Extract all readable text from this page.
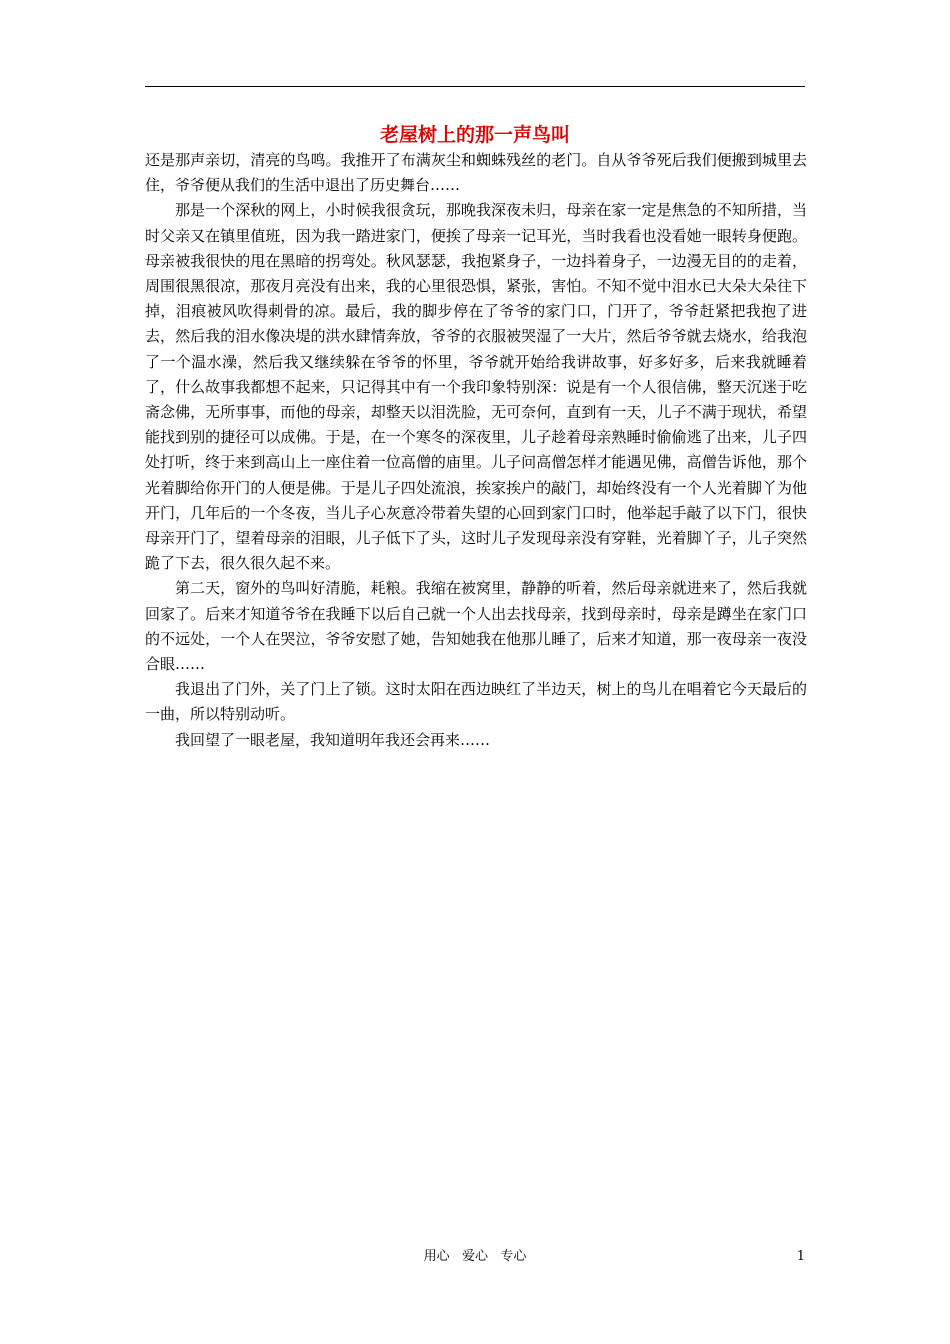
老屋树上的那一声鸟叫

还是那声亲切，清亮的鸟鸣。我推开了布满灰尘和蜘蛛残丝的老门。自从爷爷死后我们便搬到城里去住，爷爷便从我们的生活中退出了历史舞台……

那是一个深秋的网上，小时候我很贪玩，那晚我深夜未归，母亲在家一定是焦急的不知所措，当时父亲又在镇里值班，因为我一踏进家门，便挨了母亲一记耳光，当时我看也没看她一眼转身便跑。母亲被我很快的甩在黑暗的拐弯处。秋风瑟瑟，我抱紧身子，一边抖着身子，一边漫无目的的走着，周围很黑很凉，那夜月亮没有出来，我的心里很恐惧，紧张，害怕。不知不觉中泪水已大朵大朵往下掉，泪痕被风吹得刺骨的凉。最后，我的脚步停在了爷爷的家门口，门开了，爷爷赶紧把我抱了进去，然后我的泪水像决堤的洪水肆情奔放，爷爷的衣服被哭湿了一大片，然后爷爷就去烧水，给我泡了一个温水澡，然后我又继续躲在爷爷的怀里，爷爷就开始给我讲故事，好多好多，后来我就睡着了，什么故事我都想不起来，只记得其中有一个我印象特别深：说是有一个人很信佛，整天沉迷于吃斋念佛，无所事事，而他的母亲，却整天以泪洗脸，无可奈何，直到有一天，儿子不满于现状，希望能找到别的捷径可以成佛。于是，在一个寒冬的深夜里，儿子趁着母亲熟睡时偷偷逃了出来，儿子四处打听，终于来到高山上一座住着一位高僧的庙里。儿子问高僧怎样才能遇见佛，高僧告诉他，那个光着脚给你开门的人便是佛。于是儿子四处流浪，挨家挨户的敲门，却始终没有一个人光着脚丫为他开门，几年后的一个冬夜，当儿子心灰意冷带着失望的心回到家门口时，他举起手敲了以下门，很快母亲开门了，望着母亲的泪眼，儿子低下了头，这时儿子发现母亲没有穿鞋，光着脚丫子，儿子突然跪了下去，很久很久起不来。

第二天，窗外的鸟叫好清脆，耗粮。我缩在被窝里，静静的听着，然后母亲就进来了，然后我就回家了。后来才知道爷爷在我睡下以后自己就一个人出去找母亲，找到母亲时，母亲是蹲坐在家门口的不远处，一个人在哭泣，爷爷安慰了她，告知她我在他那儿睡了，后来才知道，那一夜母亲一夜没合眼……

我退出了门外，关了门上了锁。这时太阳在西边映红了半边天，树上的鸟儿在唱着它今天最后的一曲，所以特别动听。

我回望了一眼老屋，我知道明年我还会再来……

用心   爱心   专心	1
